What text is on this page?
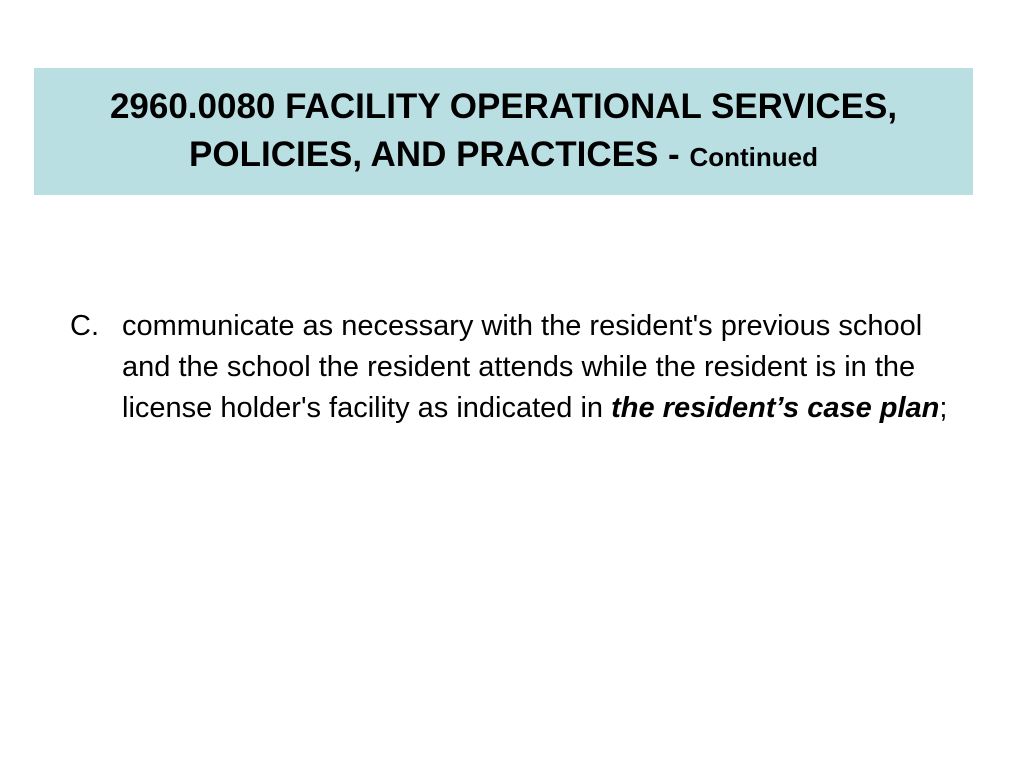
2960.0080 FACILITY OPERATIONAL SERVICES,
POLICIES, AND PRACTICES - Continued
C. communicate as necessary with the resident's previous school and the school the resident attends while the resident is in the license holder's facility as indicated in the resident’s case plan;
